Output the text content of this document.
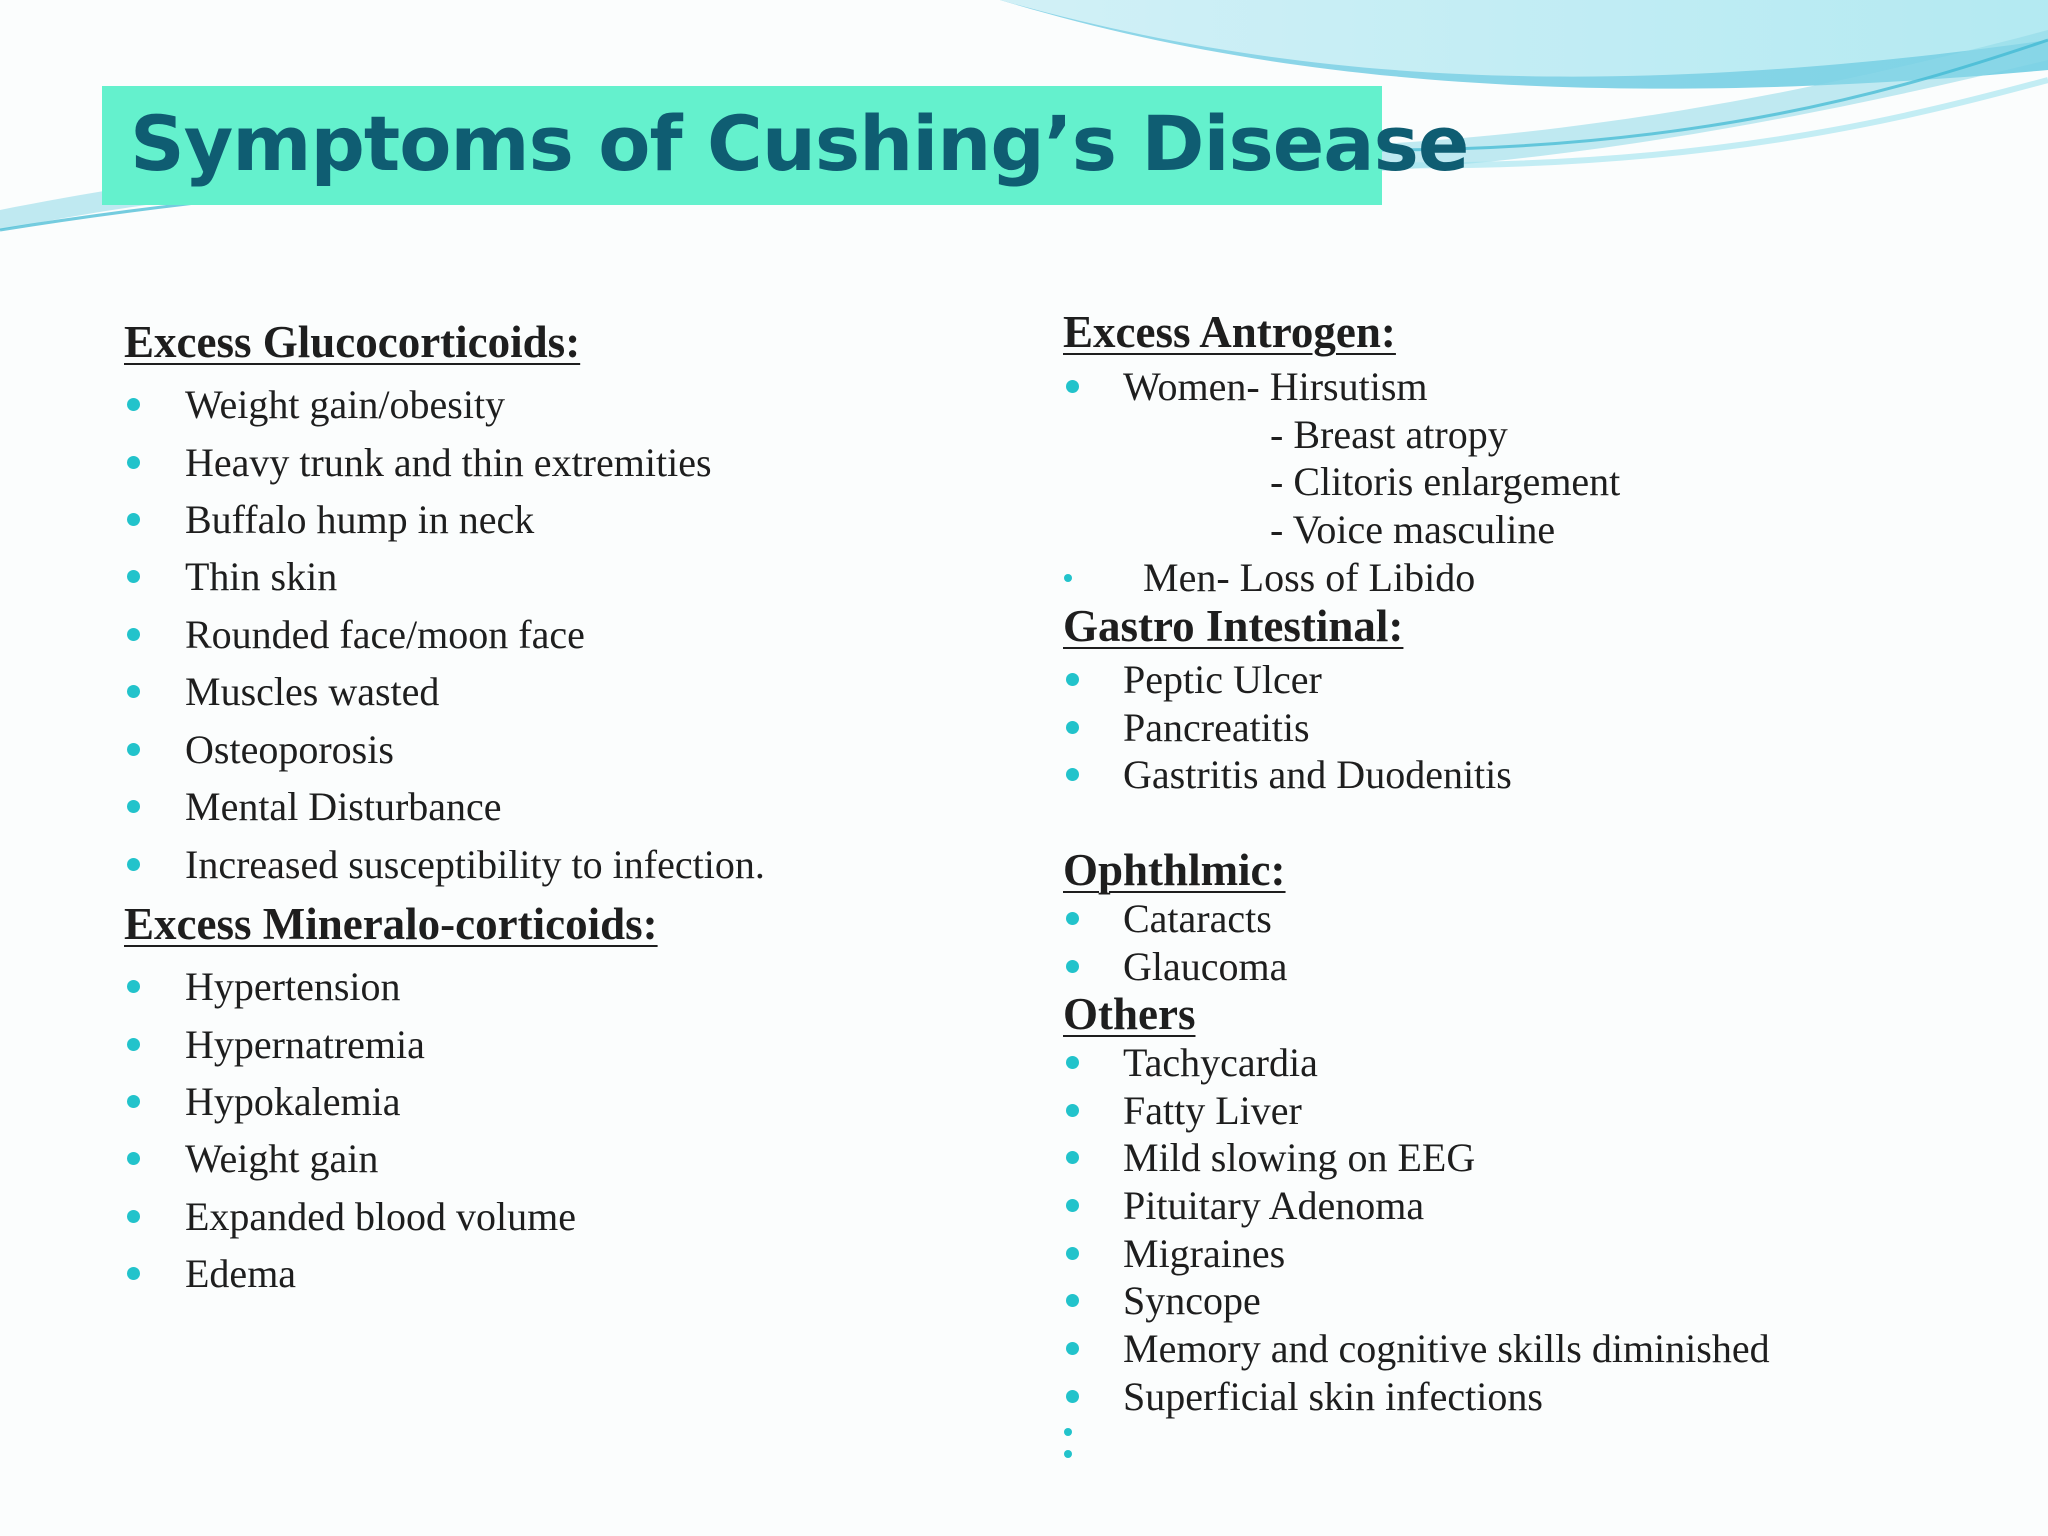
Symptoms of Cushing’s Disease
Excess Glucocorticoids:
Weight gain/obesity
Heavy trunk and thin extremities
Buffalo hump in neck
Thin skin
Rounded face/moon face
Muscles wasted
Osteoporosis
Mental Disturbance
Increased susceptibility to infection.
Excess Mineralo-corticoids:
Hypertension
Hypernatremia
Hypokalemia
Weight gain
Expanded blood volume
Edema
Excess Antrogen:
Women- Hirsutism
- Breast atropy
- Clitoris enlargement
- Voice masculine
Men- Loss of Libido
Gastro Intestinal:
Peptic Ulcer
Pancreatitis
Gastritis and Duodenitis
Ophthlmic:
Cataracts
Glaucoma
Others
Tachycardia
Fatty Liver
Mild slowing on EEG
Pituitary Adenoma
Migraines
Syncope
Memory and cognitive skills diminished
Superficial skin infections
